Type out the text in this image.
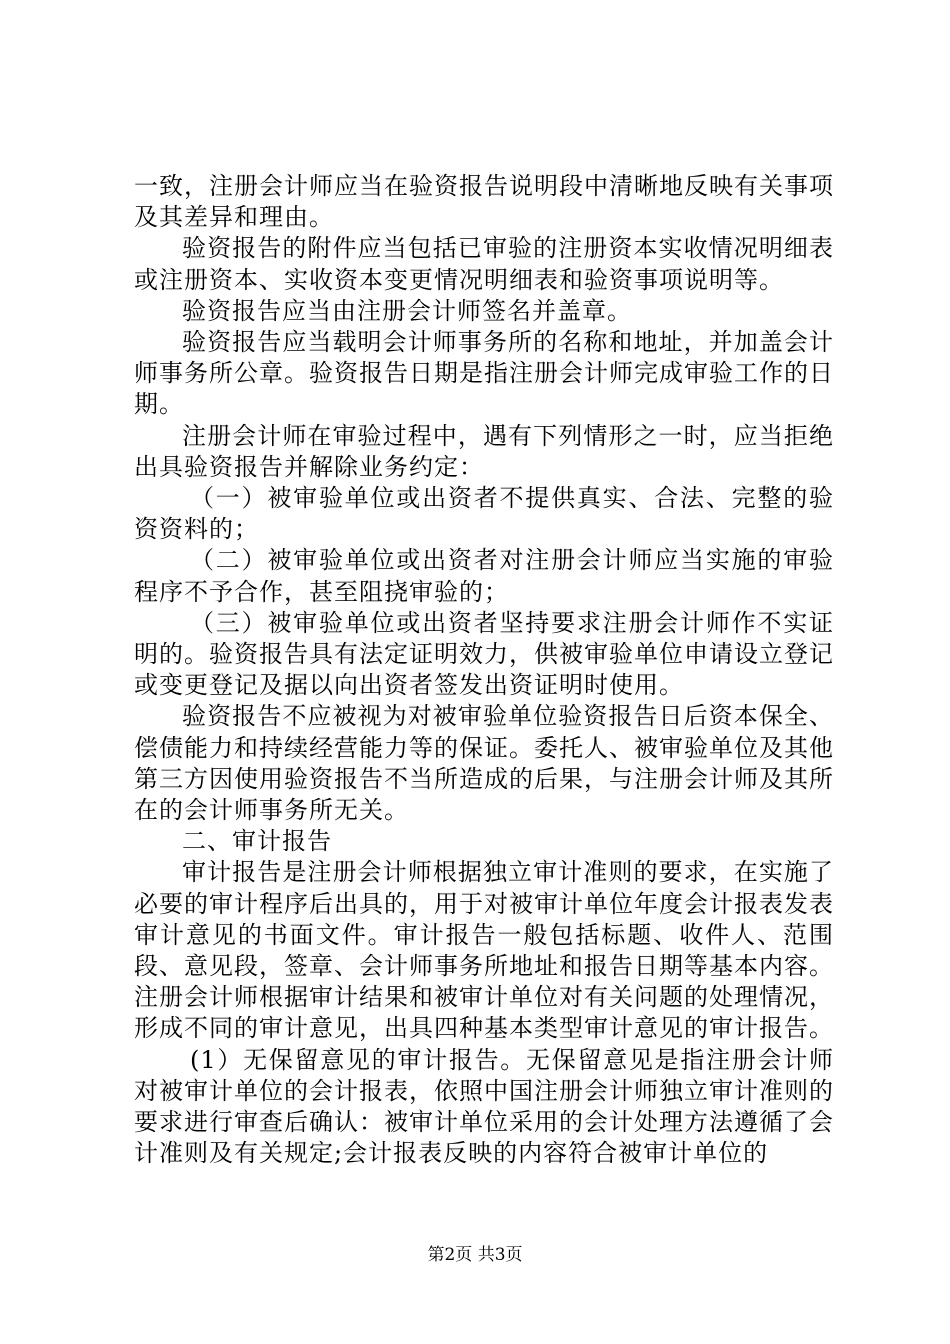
一致，注册会计师应当在验资报告说明段中清晰地反映有关事项及其差异和理由。

验资报告的附件应当包括已审验的注册资本实收情况明细表或注册资本、实收资本变更情况明细表和验资事项说明等。

验资报告应当由注册会计师签名并盖章。

验资报告应当载明会计师事务所的名称和地址，并加盖会计师事务所公章。验资报告日期是指注册会计师完成审验工作的日期。

注册会计师在审验过程中，遇有下列情形之一时，应当拒绝出具验资报告并解除业务约定：

（一）被审验单位或出资者不提供真实、合法、完整的验资资料的；

（二）被审验单位或出资者对注册会计师应当实施的审验程序不予合作，甚至阻挠审验的；

（三）被审验单位或出资者坚持要求注册会计师作不实证明的。验资报告具有法定证明效力，供被审验单位申请设立登记或变更登记及据以向出资者签发出资证明时使用。

验资报告不应被视为对被审验单位验资报告日后资本保全、偿债能力和持续经营能力等的保证。委托人、被审验单位及其他第三方因使用验资报告不当所造成的后果，与注册会计师及其所在的会计师事务所无关。

二、审计报告

审计报告是注册会计师根据独立审计准则的要求，在实施了必要的审计程序后出具的，用于对被审计单位年度会计报表发表审计意见的书面文件。审计报告一般包括标题、收件人、范围段、意见段，签章、会计师事务所地址和报告日期等基本内容。注册会计师根据审计结果和被审计单位对有关问题的处理情况，形成不同的审计意见，出具四种基本类型审计意见的审计报告。

(1）无保留意见的审计报告。无保留意见是指注册会计师对被审计单位的会计报表，依照中国注册会计师独立审计准则的要求进行审查后确认：被审计单位采用的会计处理方法遵循了会计准则及有关规定;会计报表反映的内容符合被审计单位的

第2页 共3页
